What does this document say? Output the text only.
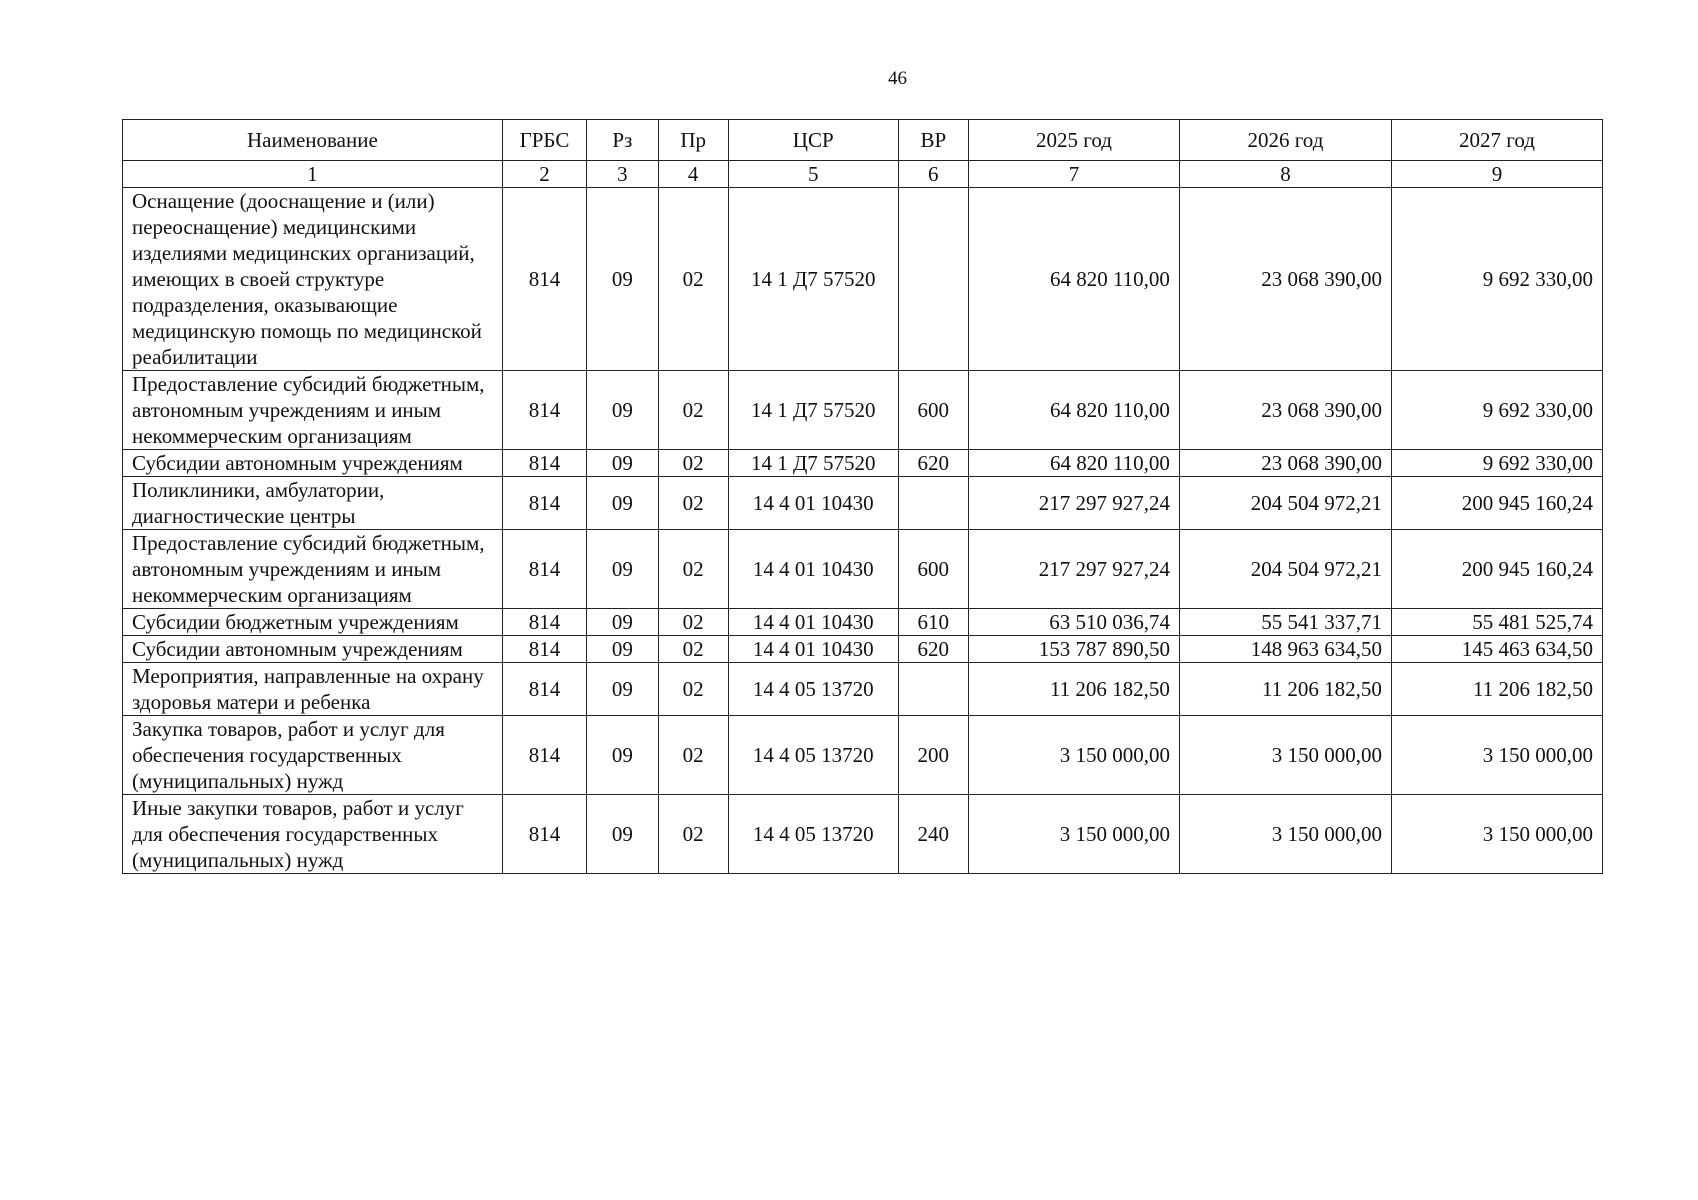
46
Наименование	ГРБС	Рз	Пр	ЦСР	ВР	2025 год	2026 год	2027 год
1	2	3	4	5	6	7	8	9
Оснащение (дооснащение и (или) переоснащение) медицинскими изделиями медицинских организаций, имеющих в своей структуре подразделения, оказывающие медицинскую помощь по медицинской реабилитации	814	09	02	14 1 Д7 57520		64 820 110,00	23 068 390,00	9 692 330,00
Предоставление субсидий бюджетным, автономным учреждениям и иным некоммерческим организациям	814	09	02	14 1 Д7 57520	600	64 820 110,00	23 068 390,00	9 692 330,00
Субсидии автономным учреждениям	814	09	02	14 1 Д7 57520	620	64 820 110,00	23 068 390,00	9 692 330,00
Поликлиники, амбулатории, диагностические центры	814	09	02	14 4 01 10430		217 297 927,24	204 504 972,21	200 945 160,24
Предоставление субсидий бюджетным, автономным учреждениям и иным некоммерческим организациям	814	09	02	14 4 01 10430	600	217 297 927,24	204 504 972,21	200 945 160,24
Субсидии бюджетным учреждениям	814	09	02	14 4 01 10430	610	63 510 036,74	55 541 337,71	55 481 525,74
Субсидии автономным учреждениям	814	09	02	14 4 01 10430	620	153 787 890,50	148 963 634,50	145 463 634,50
Мероприятия, направленные на охрану здоровья матери и ребенка	814	09	02	14 4 05 13720		11 206 182,50	11 206 182,50	11 206 182,50
Закупка товаров, работ и услуг для обеспечения государственных (муниципальных) нужд	814	09	02	14 4 05 13720	200	3 150 000,00	3 150 000,00	3 150 000,00
Иные закупки товаров, работ и услуг для обеспечения государственных (муниципальных) нужд	814	09	02	14 4 05 13720	240	3 150 000,00	3 150 000,00	3 150 000,00
